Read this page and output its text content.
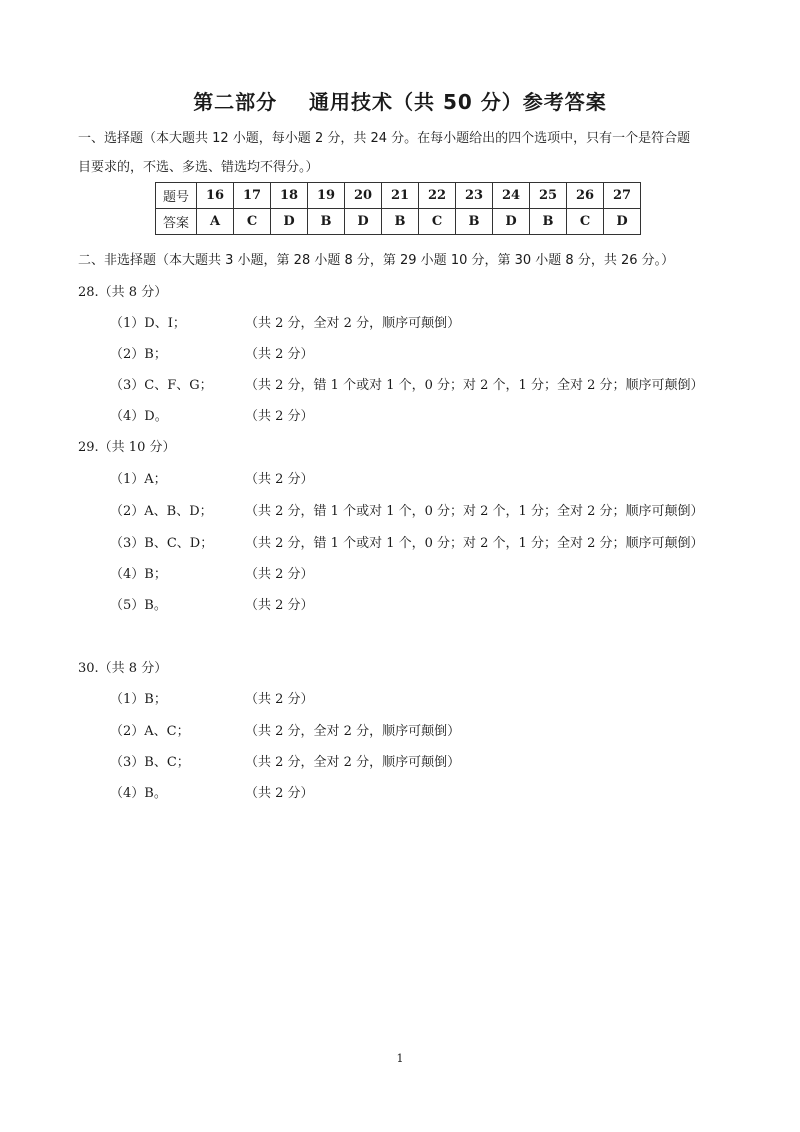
第二部分    通用技术（共 50 分）参考答案
一、选择题（本大题共 12 小题，每小题 2 分，共 24 分。在每小题给出的四个选项中，只有一个是符合题
目要求的，不选、多选、错选均不得分。）
题号	16	17	18	19	20	21	22	23	24	25	26	27
答案	A	C	D	B	D	B	C	B	D	B	C	D
二、非选择题（本大题共 3 小题，第 28 小题 8 分，第 29 小题 10 分，第 30 小题 8 分，共 26 分。）
28.（共 8 分）
（1）D、I；	（共 2 分，全对 2 分，顺序可颠倒）
（2）B；	（共 2 分）
（3）C、F、G； （共 2 分，错 1 个或对 1 个，0 分；对 2 个，1 分；全对 2 分；顺序可颠倒）
（4）D。	（共 2 分）
29.（共 10 分）
（1）A；	（共 2 分）
（2）A、B、D； （共 2 分，错 1 个或对 1 个，0 分；对 2 个，1 分；全对 2 分；顺序可颠倒）
（3）B、C、D； （共 2 分，错 1 个或对 1 个，0 分；对 2 个，1 分；全对 2 分；顺序可颠倒）
（4）B；	（共 2 分）
（5）B。	（共 2 分）
30.（共 8 分）
（1）B；	（共 2 分）
（2）A、C；	（共 2 分，全对 2 分，顺序可颠倒）
（3）B、C；	（共 2 分，全对 2 分，顺序可颠倒）
（4）B。	（共 2 分）
1
